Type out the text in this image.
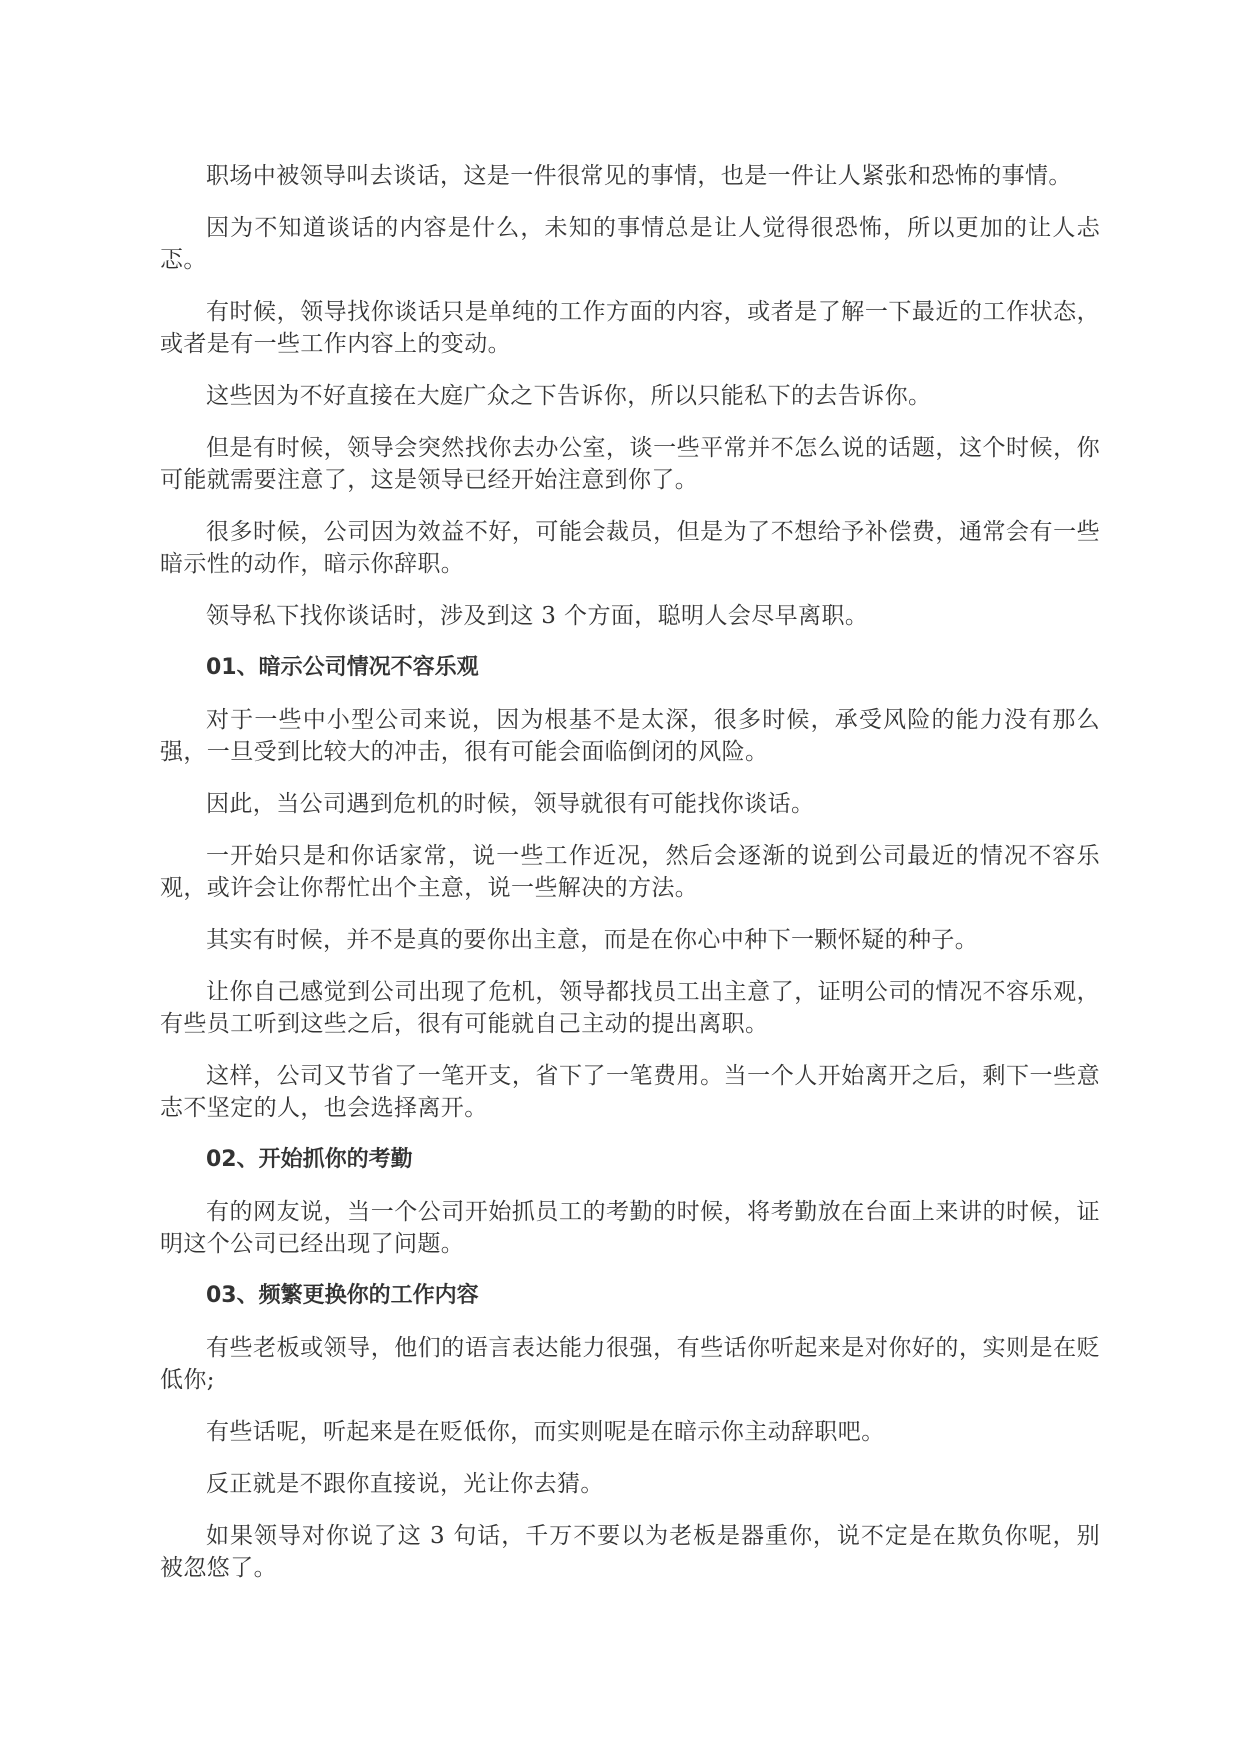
职场中被领导叫去谈话，这是一件很常见的事情，也是一件让人紧张和恐怖的事情。

因为不知道谈话的内容是什么，未知的事情总是让人觉得很恐怖，所以更加的让人忐忑。

有时候，领导找你谈话只是单纯的工作方面的内容，或者是了解一下最近的工作状态，或者是有一些工作内容上的变动。

这些因为不好直接在大庭广众之下告诉你，所以只能私下的去告诉你。

但是有时候，领导会突然找你去办公室，谈一些平常并不怎么说的话题，这个时候，你可能就需要注意了，这是领导已经开始注意到你了。

很多时候，公司因为效益不好，可能会裁员，但是为了不想给予补偿费，通常会有一些暗示性的动作，暗示你辞职。

领导私下找你谈话时，涉及到这 3 个方面，聪明人会尽早离职。

01、暗示公司情况不容乐观

对于一些中小型公司来说，因为根基不是太深，很多时候，承受风险的能力没有那么强，一旦受到比较大的冲击，很有可能会面临倒闭的风险。

因此，当公司遇到危机的时候，领导就很有可能找你谈话。

一开始只是和你话家常，说一些工作近况，然后会逐渐的说到公司最近的情况不容乐观，或许会让你帮忙出个主意，说一些解决的方法。

其实有时候，并不是真的要你出主意，而是在你心中种下一颗怀疑的种子。

让你自己感觉到公司出现了危机，领导都找员工出主意了，证明公司的情况不容乐观，有些员工听到这些之后，很有可能就自己主动的提出离职。

这样，公司又节省了一笔开支，省下了一笔费用。当一个人开始离开之后，剩下一些意志不坚定的人，也会选择离开。

02、开始抓你的考勤

有的网友说，当一个公司开始抓员工的考勤的时候，将考勤放在台面上来讲的时候，证明这个公司已经出现了问题。

03、频繁更换你的工作内容

有些老板或领导，他们的语言表达能力很强，有些话你听起来是对你好的，实则是在贬低你;

有些话呢，听起来是在贬低你，而实则呢是在暗示你主动辞职吧。

反正就是不跟你直接说，光让你去猜。

如果领导对你说了这 3 句话，千万不要以为老板是器重你，说不定是在欺负你呢，别被忽悠了。
